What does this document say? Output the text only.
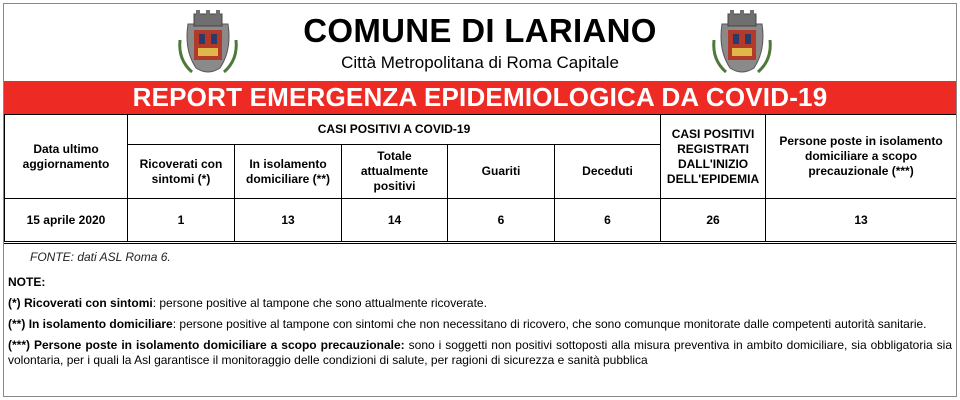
COMUNE DI LARIANO
Città Metropolitana di Roma Capitale
REPORT EMERGENZA EPIDEMIOLOGICA DA COVID-19
Data ultimo aggiornamento	CASI POSITIVI A COVID-19					CASI POSITIVI REGISTRATI DALL'INIZIO DELL'EPIDEMIA	Persone poste in isolamento domiciliare a scopo precauzionale (***)
	Ricoverati con sintomi (*)	In isolamento domiciliare (**)	Totale attualmente positivi	Guariti	Deceduti		
15 aprile 2020	1	13	14	6	6	26	13
FONTE: dati ASL Roma 6.
NOTE:
(*) Ricoverati con sintomi: persone positive al tampone che sono attualmente ricoverate.
(**) In isolamento domiciliare: persone positive al tampone con sintomi che non necessitano di ricovero, che sono comunque monitorate dalle competenti autorità sanitarie.
(***) Persone poste in isolamento domiciliare a scopo precauzionale: sono i soggetti non positivi sottoposti alla misura preventiva in ambito domiciliare, sia obbligatoria sia volontaria, per i quali la Asl garantisce il monitoraggio delle condizioni di salute, per ragioni di sicurezza e sanità pubblica
